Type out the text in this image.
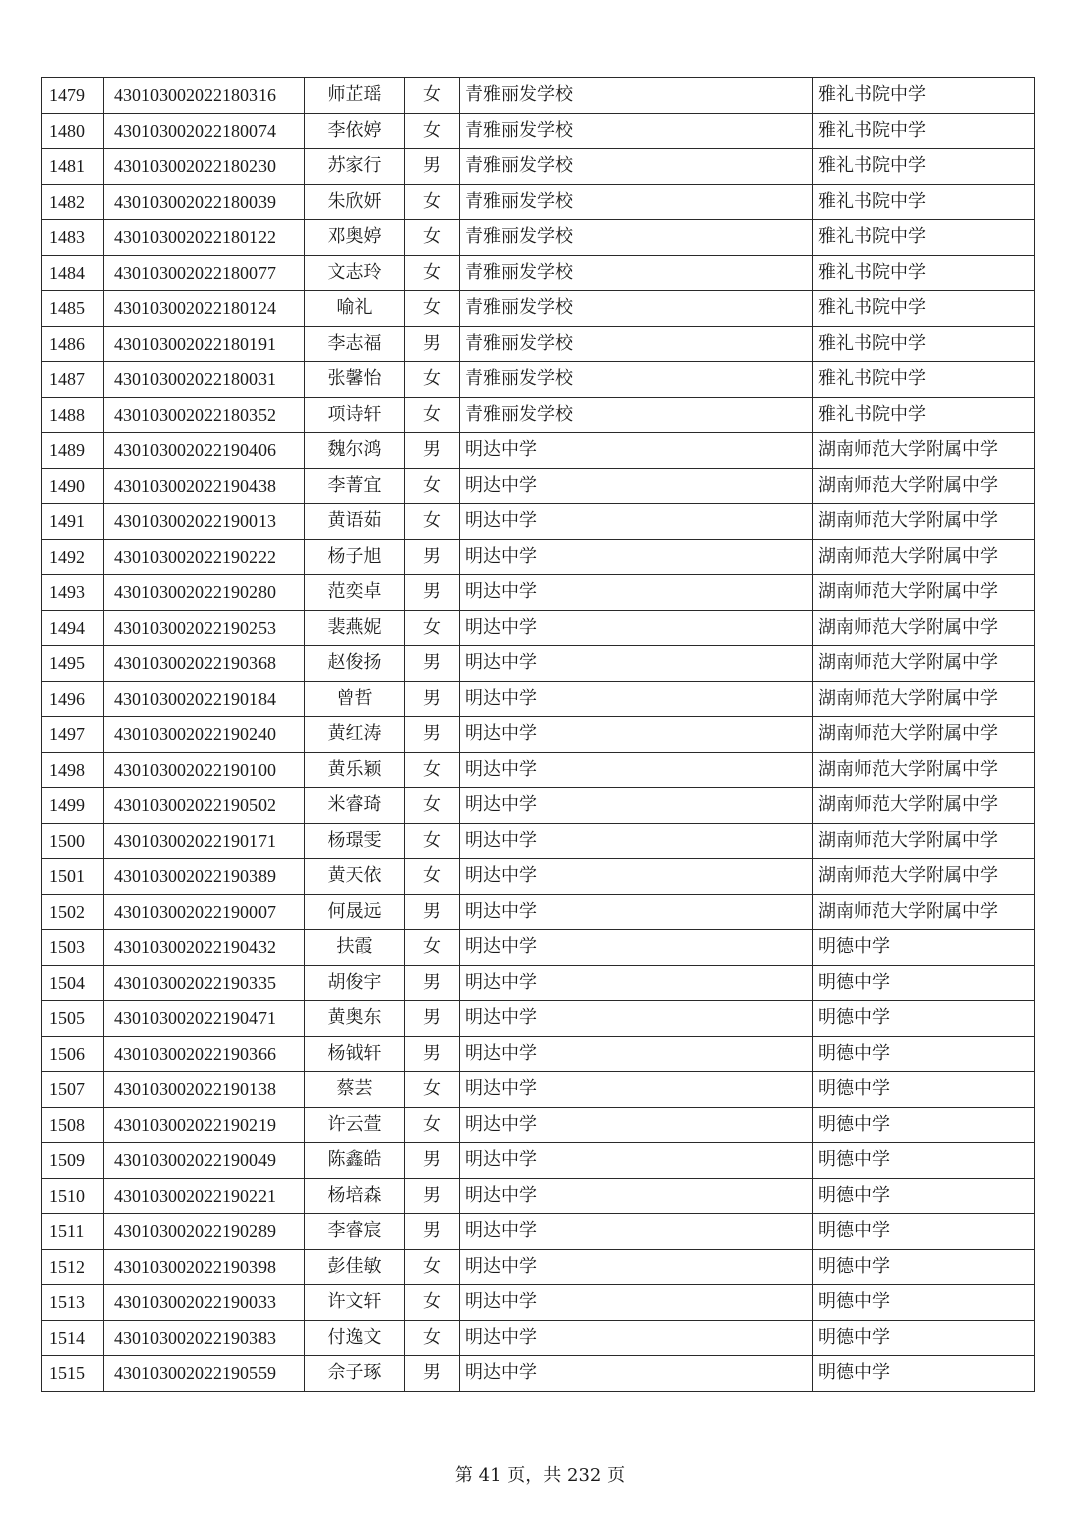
1479	430103002022180316	师芷瑶	女	青雅丽发学校	雅礼书院中学
1480	430103002022180074	李依婷	女	青雅丽发学校	雅礼书院中学
1481	430103002022180230	苏家行	男	青雅丽发学校	雅礼书院中学
1482	430103002022180039	朱欣妍	女	青雅丽发学校	雅礼书院中学
1483	430103002022180122	邓奥婷	女	青雅丽发学校	雅礼书院中学
1484	430103002022180077	文志玲	女	青雅丽发学校	雅礼书院中学
1485	430103002022180124	喻礼	女	青雅丽发学校	雅礼书院中学
1486	430103002022180191	李志福	男	青雅丽发学校	雅礼书院中学
1487	430103002022180031	张馨怡	女	青雅丽发学校	雅礼书院中学
1488	430103002022180352	项诗轩	女	青雅丽发学校	雅礼书院中学
1489	430103002022190406	魏尔鸿	男	明达中学	湖南师范大学附属中学
1490	430103002022190438	李菁宜	女	明达中学	湖南师范大学附属中学
1491	430103002022190013	黄语茹	女	明达中学	湖南师范大学附属中学
1492	430103002022190222	杨子旭	男	明达中学	湖南师范大学附属中学
1493	430103002022190280	范奕卓	男	明达中学	湖南师范大学附属中学
1494	430103002022190253	裴燕妮	女	明达中学	湖南师范大学附属中学
1495	430103002022190368	赵俊扬	男	明达中学	湖南师范大学附属中学
1496	430103002022190184	曾哲	男	明达中学	湖南师范大学附属中学
1497	430103002022190240	黄红涛	男	明达中学	湖南师范大学附属中学
1498	430103002022190100	黄乐颖	女	明达中学	湖南师范大学附属中学
1499	430103002022190502	米睿琦	女	明达中学	湖南师范大学附属中学
1500	430103002022190171	杨璟雯	女	明达中学	湖南师范大学附属中学
1501	430103002022190389	黄天依	女	明达中学	湖南师范大学附属中学
1502	430103002022190007	何晟远	男	明达中学	湖南师范大学附属中学
1503	430103002022190432	扶霞	女	明达中学	明德中学
1504	430103002022190335	胡俊宇	男	明达中学	明德中学
1505	430103002022190471	黄奥东	男	明达中学	明德中学
1506	430103002022190366	杨钺轩	男	明达中学	明德中学
1507	430103002022190138	蔡芸	女	明达中学	明德中学
1508	430103002022190219	许云萱	女	明达中学	明德中学
1509	430103002022190049	陈鑫皓	男	明达中学	明德中学
1510	430103002022190221	杨培森	男	明达中学	明德中学
1511	430103002022190289	李睿宸	男	明达中学	明德中学
1512	430103002022190398	彭佳敏	女	明达中学	明德中学
1513	430103002022190033	许文轩	女	明达中学	明德中学
1514	430103002022190383	付逸文	女	明达中学	明德中学
1515	430103002022190559	佘子琢	男	明达中学	明德中学
第 41 页，共 232 页
